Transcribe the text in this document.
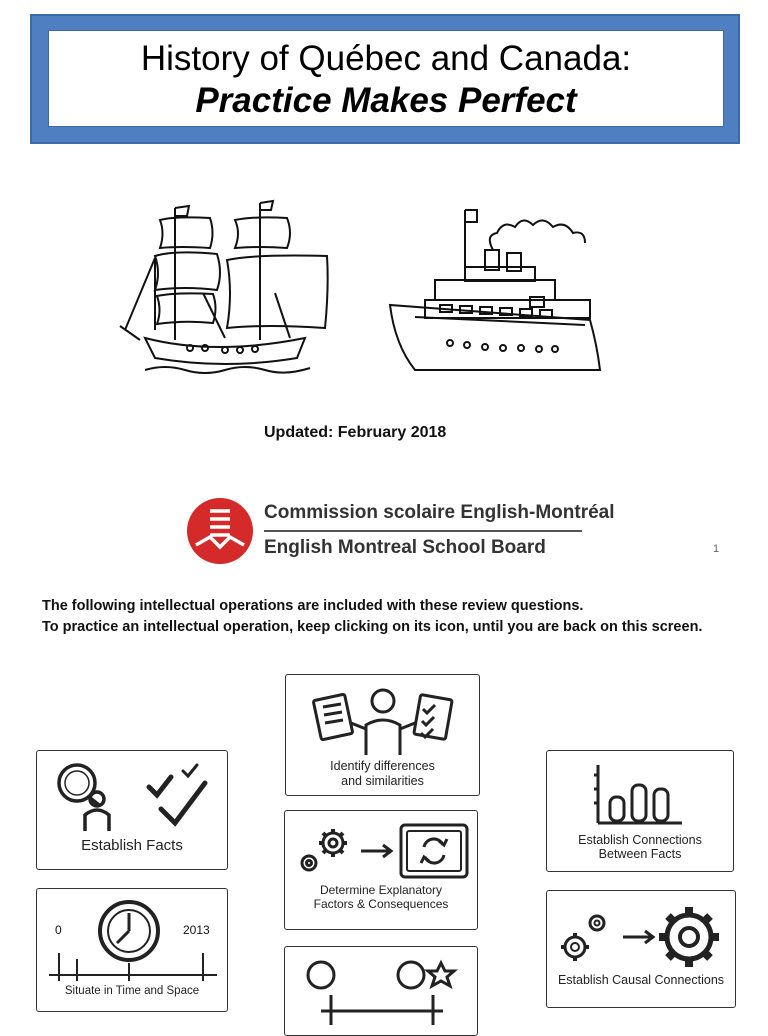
History of Québec and Canada:
Practice Makes Perfect
Updated: February 2018
Commission scolaire English-Montréal
English Montreal School Board	1
The following intellectual operations are included with these review questions.
To practice an intellectual operation, keep clicking on its icon, until you are back on this screen.
Identify differences
and similarities
Establish Facts	Establish Connections
Between Facts
Determine Explanatory
Factors & Consequences
0	2013
Situate in Time and Space
Establish Causal Connections
